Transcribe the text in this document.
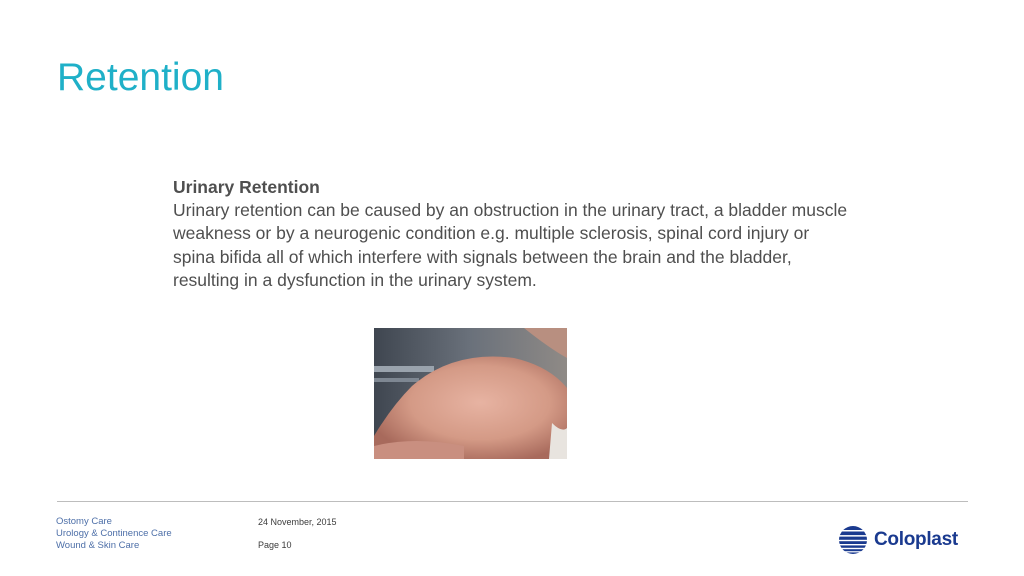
Retention
Urinary Retention
Urinary retention can be caused by an obstruction in the urinary tract, a bladder muscle weakness or by a neurogenic condition e.g. multiple sclerosis, spinal cord injury or spina bifida all of which interfere with signals between the brain and the bladder, resulting in a dysfunction in the urinary system.
Ostomy Care
Urology & Continence Care
Wound & Skin Care
24 November, 2015
Page 10	Coloplast
